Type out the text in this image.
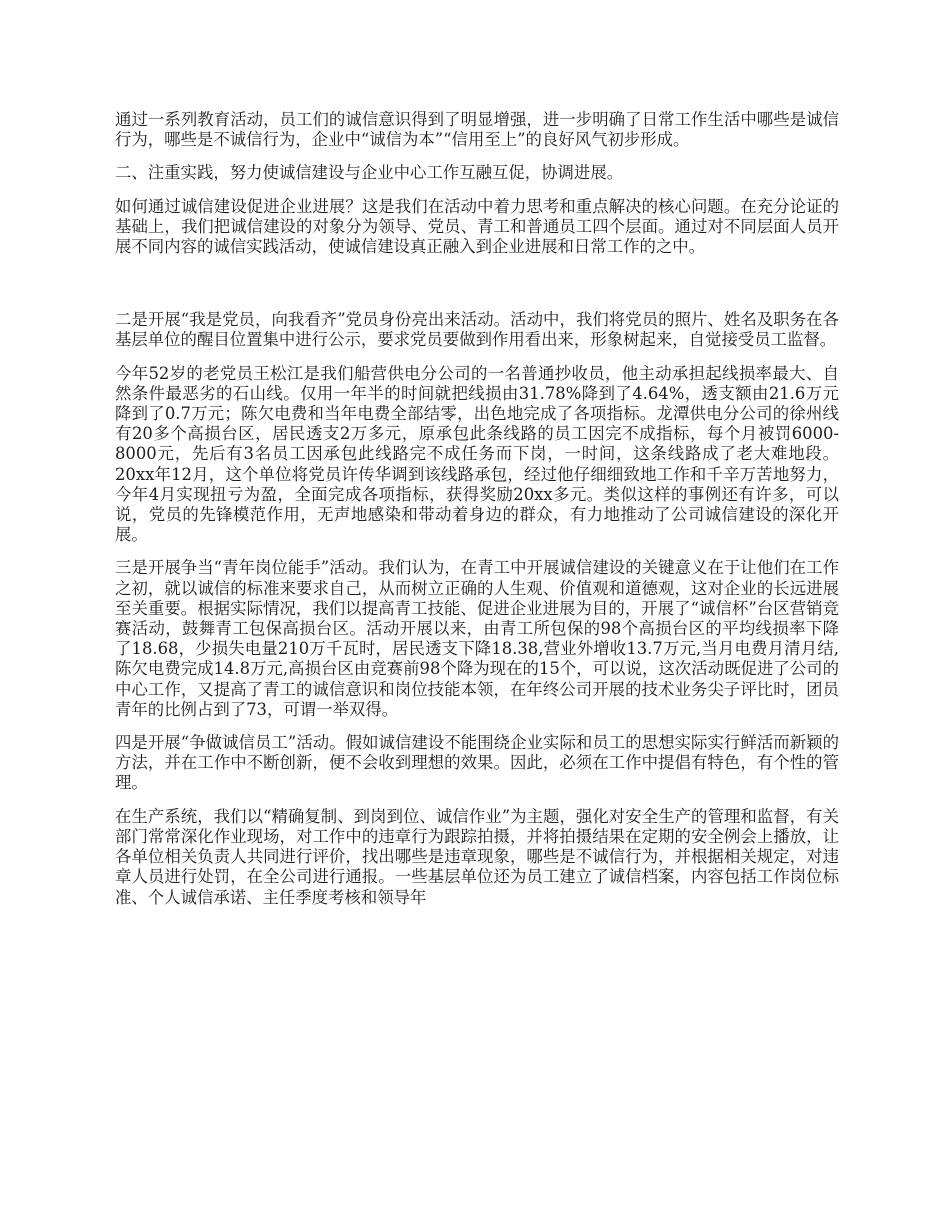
通过一系列教育活动，员工们的诚信意识得到了明显增强，进一步明确了日常工作生活中哪些是诚信行为，哪些是不诚信行为，企业中“诚信为本”“信用至上”的良好风气初步形成。

二、注重实践，努力使诚信建设与企业中心工作互融互促，协调进展。

如何通过诚信建设促进企业进展？这是我们在活动中着力思考和重点解决的核心问题。在充分论证的基础上，我们把诚信建设的对象分为领导、党员、青工和普通员工四个层面。通过对不同层面人员开展不同内容的诚信实践活动，使诚信建设真正融入到企业进展和日常工作的之中。

二是开展“我是党员，向我看齐”党员身份亮出来活动。活动中，我们将党员的照片、姓名及职务在各基层单位的醒目位置集中进行公示，要求党员要做到作用看出来，形象树起来，自觉接受员工监督。

今年52岁的老党员王松江是我们船营供电分公司的一名普通抄收员，他主动承担起线损率最大、自然条件最恶劣的石山线。仅用一年半的时间就把线损由31.78%降到了4.64%，透支额由21.6万元降到了0.7万元；陈欠电费和当年电费全部结零，出色地完成了各项指标。龙潭供电分公司的徐州线有20多个高损台区，居民透支2万多元，原承包此条线路的员工因完不成指标，每个月被罚6000-8000元，先后有3名员工因承包此线路完不成任务而下岗，一时间，这条线路成了老大难地段。20xx年12月，这个单位将党员许传华调到该线路承包，经过他仔细细致地工作和千辛万苦地努力，今年4月实现扭亏为盈，全面完成各项指标，获得奖励20xx多元。类似这样的事例还有许多，可以说，党员的先锋模范作用，无声地感染和带动着身边的群众，有力地推动了公司诚信建设的深化开展。

三是开展争当“青年岗位能手”活动。我们认为，在青工中开展诚信建设的关键意义在于让他们在工作之初，就以诚信的标准来要求自己，从而树立正确的人生观、价值观和道德观，这对企业的长远进展至关重要。根据实际情况，我们以提高青工技能、促进企业进展为目的，开展了“诚信杯”台区营销竞赛活动，鼓舞青工包保高损台区。活动开展以来，由青工所包保的98个高损台区的平均线损率下降了18.68，少损失电量210万千瓦时，居民透支下降18.38,营业外增收13.7万元,当月电费月清月结,陈欠电费完成14.8万元,高损台区由竞赛前98个降为现在的15个，可以说，这次活动既促进了公司的中心工作，又提高了青工的诚信意识和岗位技能本领，在年终公司开展的技术业务尖子评比时，团员青年的比例占到了73，可谓一举双得。

四是开展“争做诚信员工”活动。假如诚信建设不能围绕企业实际和员工的思想实际实行鲜活而新颖的方法，并在工作中不断创新，便不会收到理想的效果。因此，必须在工作中提倡有特色，有个性的管理。

在生产系统，我们以“精确复制、到岗到位、诚信作业”为主题，强化对安全生产的管理和监督，有关部门常常深化作业现场，对工作中的违章行为跟踪拍摄，并将拍摄结果在定期的安全例会上播放，让各单位相关负责人共同进行评价，找出哪些是违章现象，哪些是不诚信行为，并根据相关规定，对违章人员进行处罚，在全公司进行通报。一些基层单位还为员工建立了诚信档案，内容包括工作岗位标准、个人诚信承诺、主任季度考核和领导年
